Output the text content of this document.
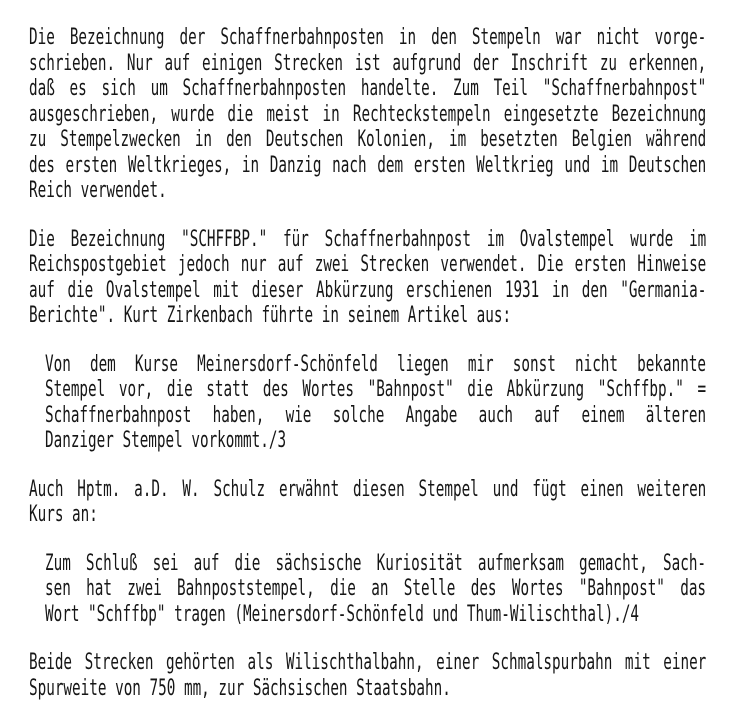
Die Bezeichnung der Schaffnerbahnposten in den Stempeln war nicht vorge-
schrieben. Nur auf einigen Strecken ist aufgrund der Inschrift zu erkennen,
daß es sich um Schaffnerbahnposten handelte. Zum Teil "Schaffnerbahnpost"
ausgeschrieben, wurde die meist in Rechteckstempeln eingesetzte Bezeichnung
zu Stempelzwecken in den Deutschen Kolonien, im besetzten Belgien während
des ersten Weltkrieges, in Danzig nach dem ersten Weltkrieg und im Deutschen
Reich verwendet.
Die Bezeichnung "SCHFFBP." für Schaffnerbahnpost im Ovalstempel wurde im
Reichspostgebiet jedoch nur auf zwei Strecken verwendet. Die ersten Hinweise
auf die Ovalstempel mit dieser Abkürzung erschienen 1931 in den "Germania-
Berichte". Kurt Zirkenbach führte in seinem Artikel aus:
Von dem Kurse Meinersdorf-Schönfeld liegen mir sonst nicht bekannte
Stempel vor, die statt des Wortes "Bahnpost" die Abkürzung "Schffbp." =
Schaffnerbahnpost haben, wie solche Angabe auch auf einem älteren
Danziger Stempel vorkommt./3
Auch Hptm. a.D. W. Schulz erwähnt diesen Stempel und fügt einen weiteren
Kurs an:
Zum Schluß sei auf die sächsische Kuriosität aufmerksam gemacht, Sach-
sen hat zwei Bahnpoststempel, die an Stelle des Wortes "Bahnpost" das
Wort "Schffbp" tragen (Meinersdorf-Schönfeld und Thum-Wilischthal)./4
Beide Strecken gehörten als Wilischthalbahn, einer Schmalspurbahn mit einer
Spurweite von 750 mm, zur Sächsischen Staatsbahn.
